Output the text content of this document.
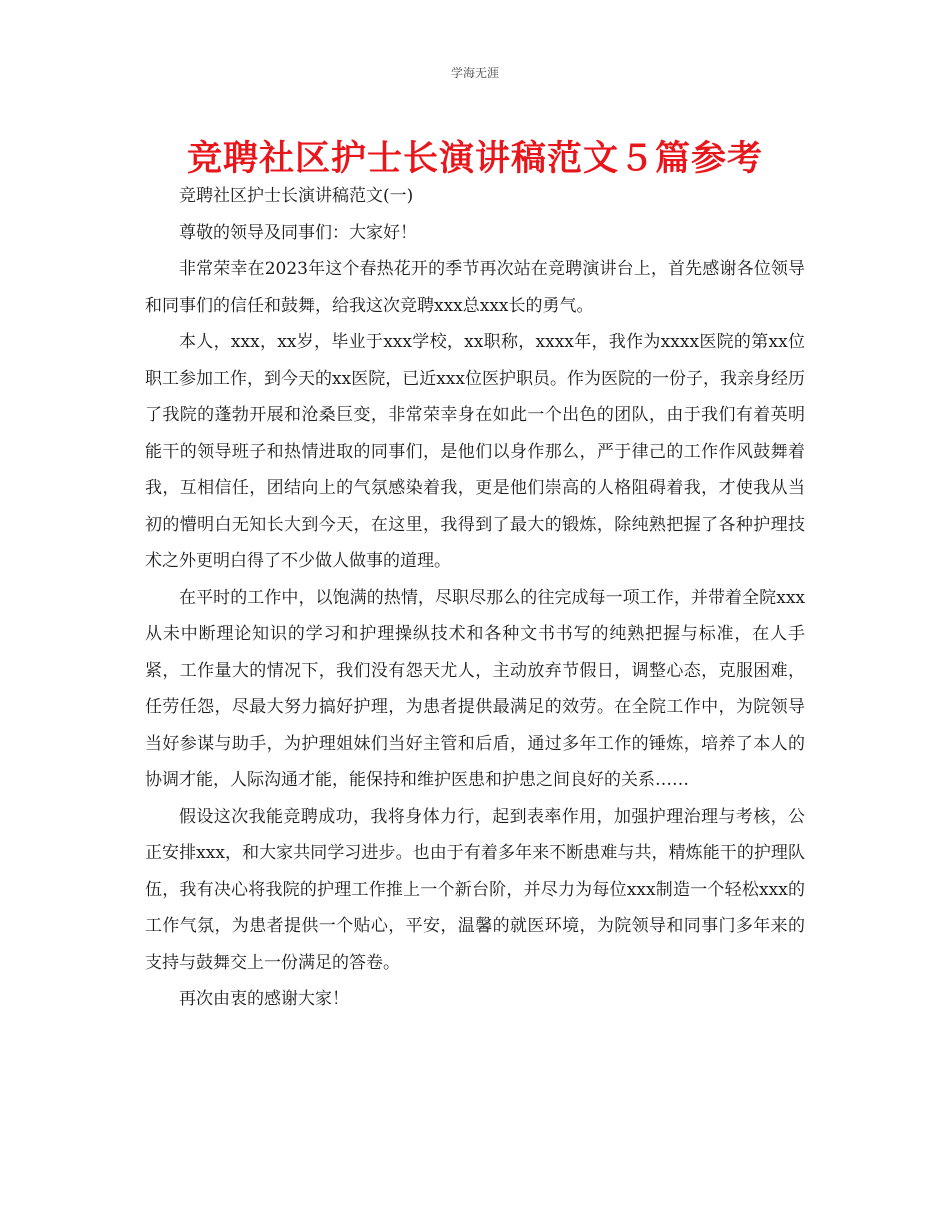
学海无涯
竞聘社区护士长演讲稿范文５篇参考

竞聘社区护士长演讲稿范文(一)

尊敬的领导及同事们：大家好！

非常荣幸在2023年这个春热花开的季节再次站在竞聘演讲台上，首先感谢各位领导和同事们的信任和鼓舞，给我这次竞聘xxx总xxx长的勇气。

本人，xxx，xx岁，毕业于xxx学校，xx职称，xxxx年，我作为xxxx医院的第xx位职工参加工作，到今天的xx医院，已近xxx位医护职员。作为医院的一份子，我亲身经历了我院的蓬勃开展和沧桑巨变，非常荣幸身在如此一个出色的团队，由于我们有着英明能干的领导班子和热情进取的同事们，是他们以身作那么，严于律己的工作作风鼓舞着我，互相信任，团结向上的气氛感染着我，更是他们崇高的人格阻碍着我，才使我从当初的懵明白无知长大到今天，在这里，我得到了最大的锻炼，除纯熟把握了各种护理技术之外更明白得了不少做人做事的道理。

在平时的工作中，以饱满的热情，尽职尽那么的往完成每一项工作，并带着全院xxx从未中断理论知识的学习和护理操纵技术和各种文书书写的纯熟把握与标准，在人手紧，工作量大的情况下，我们没有怨天尤人，主动放弃节假日，调整心态，克服困难，任劳任怨，尽最大努力搞好护理，为患者提供最满足的效劳。在全院工作中，为院领导当好参谋与助手，为护理姐妹们当好主管和后盾，通过多年工作的锤炼，培养了本人的协调才能，人际沟通才能，能保持和维护医患和护患之间良好的关系……

假设这次我能竞聘成功，我将身体力行，起到表率作用，加强护理治理与考核，公正安排xxx，和大家共同学习进步。也由于有着多年来不断患难与共，精炼能干的护理队伍，我有决心将我院的护理工作推上一个新台阶，并尽力为每位xxx制造一个轻松xxx的工作气氛，为患者提供一个贴心，平安，温馨的就医环境，为院领导和同事门多年来的支持与鼓舞交上一份满足的答卷。

再次由衷的感谢大家！
